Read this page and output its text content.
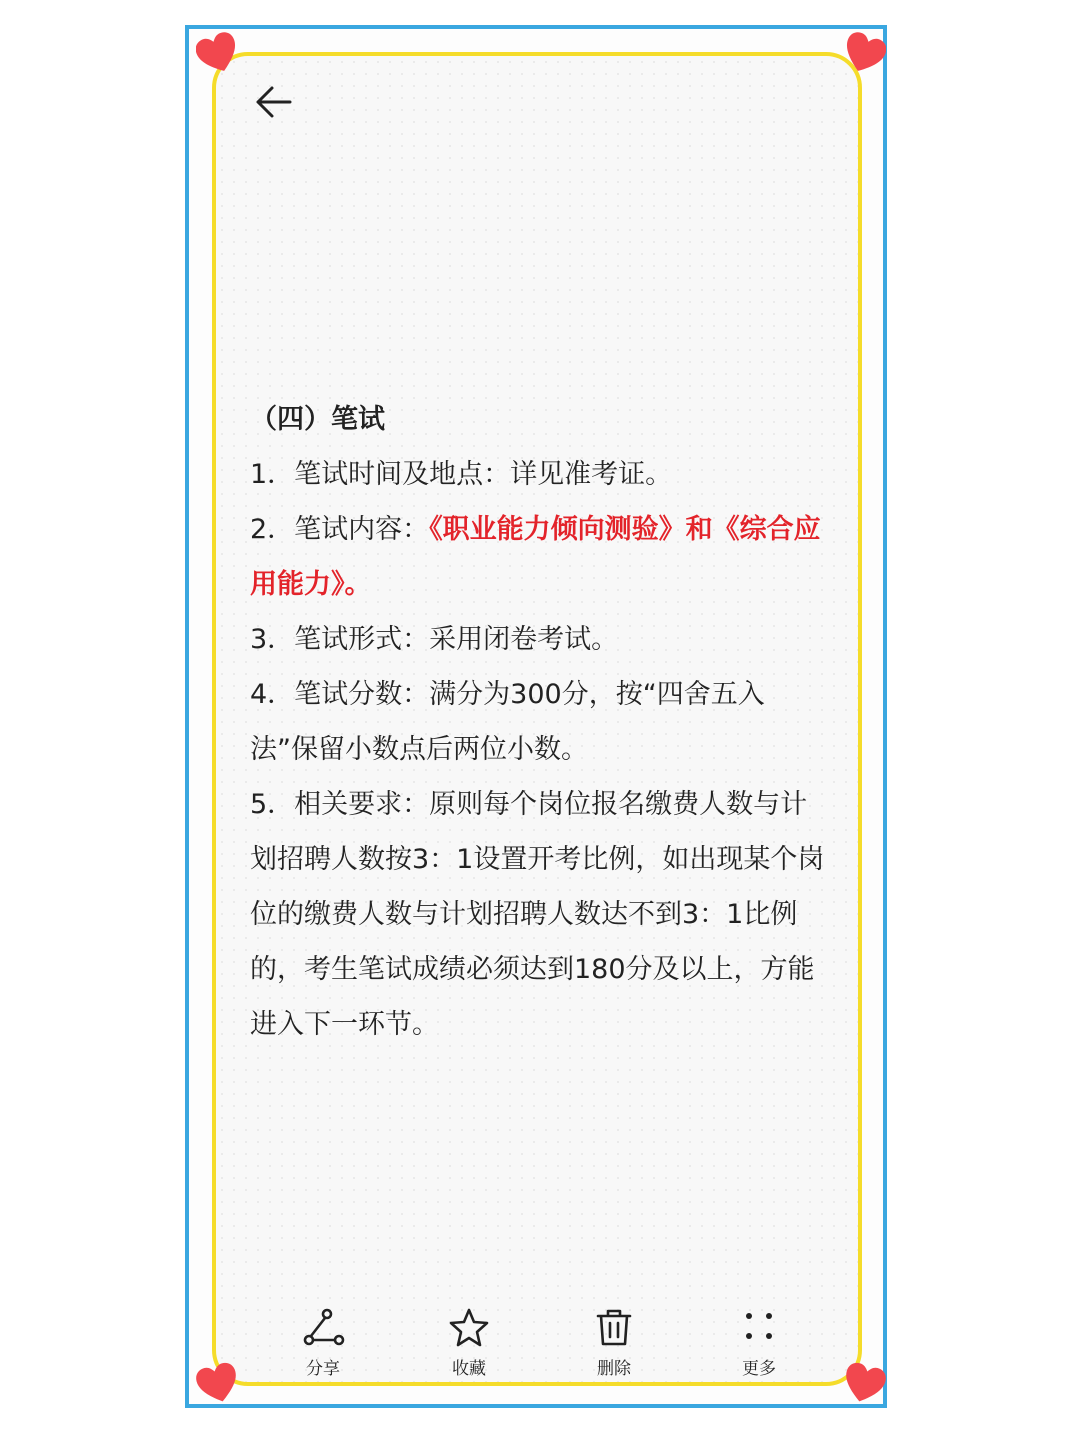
（四）笔试

1．笔试时间及地点：详见准考证。

2．笔试内容：《职业能力倾向测验》和《综合应用能力》。

3．笔试形式：采用闭卷考试。

4．笔试分数：满分为300分，按“四舍五入法”保留小数点后两位小数。

5．相关要求：原则每个岗位报名缴费人数与计划招聘人数按3：1设置开考比例，如出现某个岗位的缴费人数与计划招聘人数达不到3：1比例的，考生笔试成绩必须达到180分及以上，方能进入下一环节。

分享	收藏	删除	更多
